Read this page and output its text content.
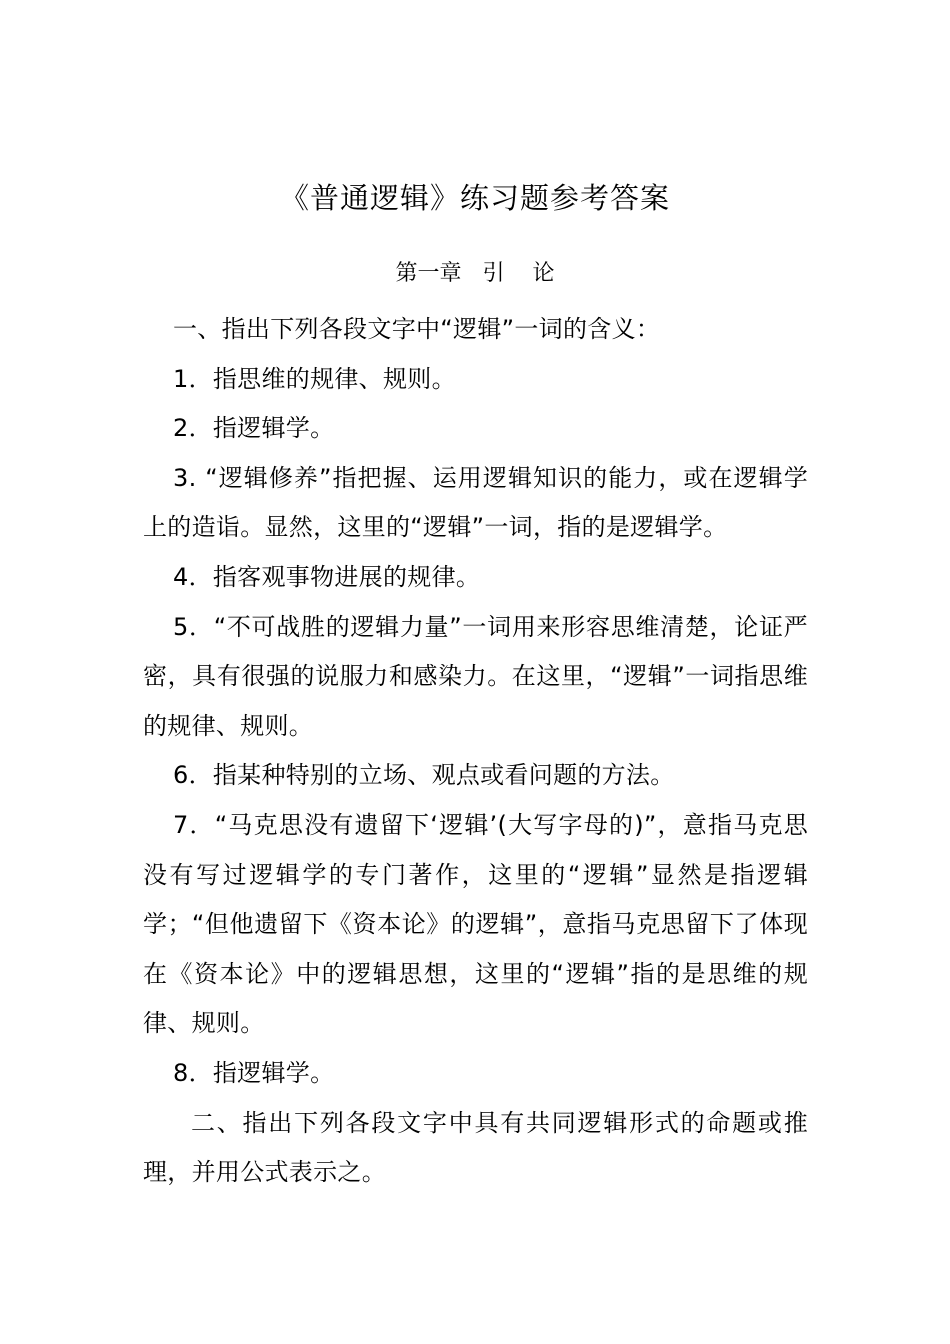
《普通逻辑》练习题参考答案
第一章   引    论

一、指出下列各段文字中“逻辑”一词的含义：

1．指思维的规律、规则。

2．指逻辑学。

3. “逻辑修养”指把握、运用逻辑知识的能力，或在逻辑学上的造诣。显然，这里的“逻辑”一词，指的是逻辑学。

4．指客观事物进展的规律。

5．“不可战胜的逻辑力量”一词用来形容思维清楚，论证严密，具有很强的说服力和感染力。在这里，“逻辑”一词指思维的规律、规则。

6．指某种特别的立场、观点或看问题的方法。

7．“马克思没有遗留下‘逻辑’(大写字母的)”，意指马克思没有写过逻辑学的专门著作，这里的“逻辑”显然是指逻辑学；“但他遗留下《资本论》的逻辑”，意指马克思留下了体现在《资本论》中的逻辑思想，这里的“逻辑”指的是思维的规律、规则。

8．指逻辑学。

二、指出下列各段文字中具有共同逻辑形式的命题或推理，并用公式表示之。
